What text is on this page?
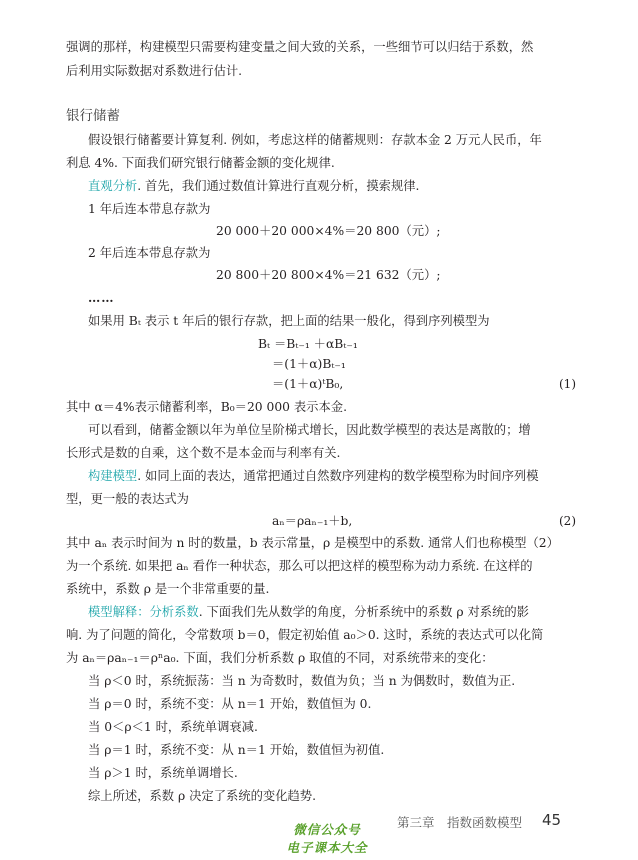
强调的那样，构建模型只需要构建变量之间大致的关系，一些细节可以归结于系数，然
后利用实际数据对系数进行估计.
银行储蓄
假设银行储蓄要计算复利. 例如，考虑这样的储蓄规则：存款本金 2 万元人民币，年
利息 4%. 下面我们研究银行储蓄金额的变化规律.
直观分析. 首先，我们通过数值计算进行直观分析，摸索规律.
1 年后连本带息存款为
20 000＋20 000×4%＝20 800（元）;
2 年后连本带息存款为
20 800＋20 800×4%＝21 632（元）;
……
如果用 Bₜ 表示 t 年后的银行存款，把上面的结果一般化，得到序列模型为
Bₜ ＝Bₜ₋₁ ＋αBₜ₋₁
＝(1＋α)Bₜ₋₁
＝(1＋α)ᵗB₀,	(1)
其中 α＝4%表示储蓄利率，B₀＝20 000 表示本金.
可以看到，储蓄金额以年为单位呈阶梯式增长，因此数学模型的表达是离散的；增
长形式是数的自乘，这个数不是本金而与利率有关.
构建模型. 如同上面的表达，通常把通过自然数序列建构的数学模型称为时间序列模
型，更一般的表达式为
aₙ＝ρaₙ₋₁＋b,	(2)
其中 aₙ 表示时间为 n 时的数量，b 表示常量，ρ 是模型中的系数. 通常人们也称模型（2）
为一个系统. 如果把 aₙ 看作一种状态，那么可以把这样的模型称为动力系统. 在这样的
系统中，系数 ρ 是一个非常重要的量.
模型解释：分析系数. 下面我们先从数学的角度，分析系统中的系数 ρ 对系统的影
响. 为了问题的简化，令常数项 b＝0，假定初始值 a₀＞0. 这时，系统的表达式可以化简
为 aₙ＝ρaₙ₋₁＝ρⁿa₀. 下面，我们分析系数 ρ 取值的不同，对系统带来的变化：
当 ρ＜0 时，系统振荡：当 n 为奇数时，数值为负；当 n 为偶数时，数值为正.
当 ρ＝0 时，系统不变：从 n＝1 开始，数值恒为 0.
当 0＜ρ＜1 时，系统单调衰减.
当 ρ＝1 时，系统不变：从 n＝1 开始，数值恒为初值.
当 ρ＞1 时，系统单调增长.
综上所述，系数 ρ 决定了系统的变化趋势.
第三章　指数函数模型 45
微信公众号
电子课本大全
